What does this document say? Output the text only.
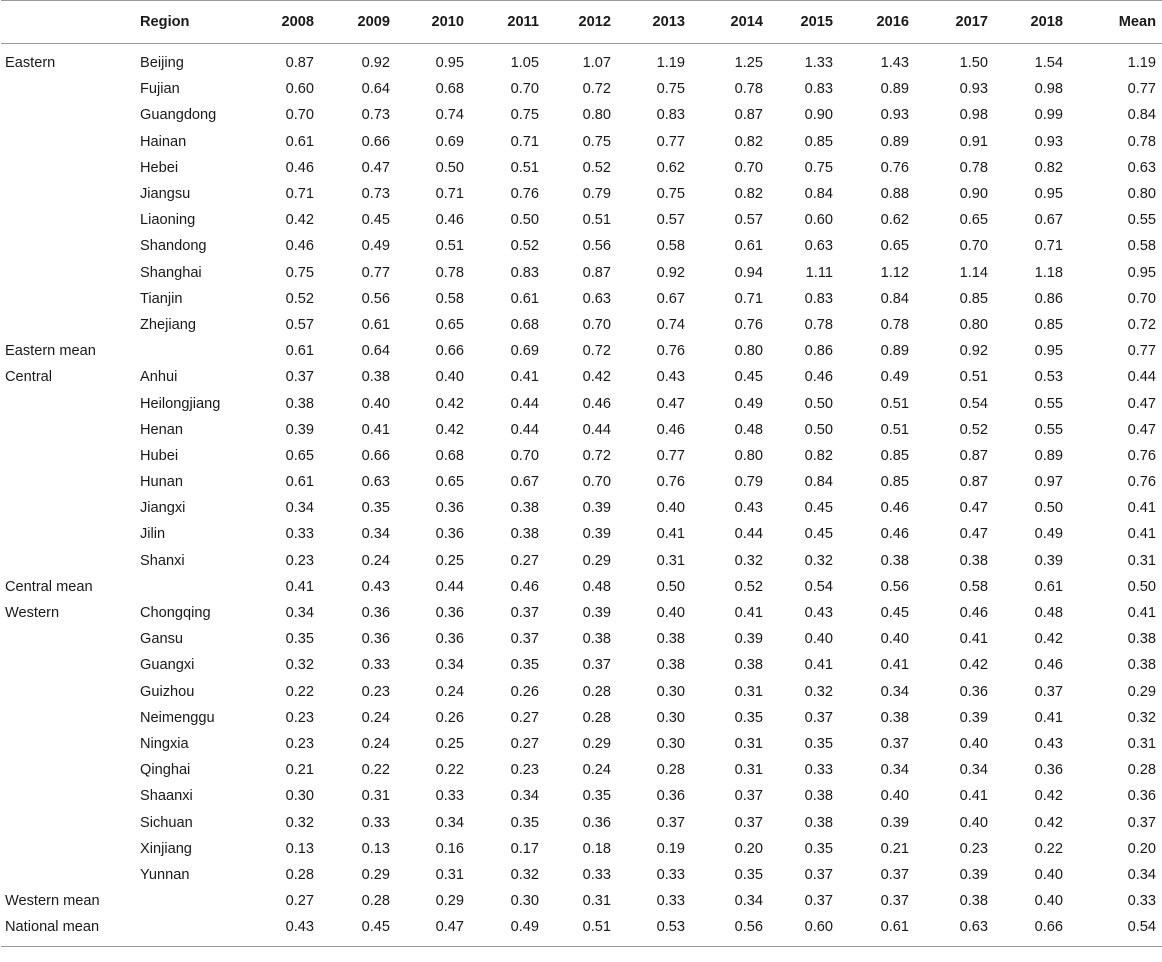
	Region	2008	2009	2010	2011	2012	2013	2014	2015	2016	2017	2018	Mean
Eastern	Beijing	0.87	0.92	0.95	1.05	1.07	1.19	1.25	1.33	1.43	1.50	1.54	1.19
	Fujian	0.60	0.64	0.68	0.70	0.72	0.75	0.78	0.83	0.89	0.93	0.98	0.77
	Guangdong	0.70	0.73	0.74	0.75	0.80	0.83	0.87	0.90	0.93	0.98	0.99	0.84
	Hainan	0.61	0.66	0.69	0.71	0.75	0.77	0.82	0.85	0.89	0.91	0.93	0.78
	Hebei	0.46	0.47	0.50	0.51	0.52	0.62	0.70	0.75	0.76	0.78	0.82	0.63
	Jiangsu	0.71	0.73	0.71	0.76	0.79	0.75	0.82	0.84	0.88	0.90	0.95	0.80
	Liaoning	0.42	0.45	0.46	0.50	0.51	0.57	0.57	0.60	0.62	0.65	0.67	0.55
	Shandong	0.46	0.49	0.51	0.52	0.56	0.58	0.61	0.63	0.65	0.70	0.71	0.58
	Shanghai	0.75	0.77	0.78	0.83	0.87	0.92	0.94	1.11	1.12	1.14	1.18	0.95
	Tianjin	0.52	0.56	0.58	0.61	0.63	0.67	0.71	0.83	0.84	0.85	0.86	0.70
	Zhejiang	0.57	0.61	0.65	0.68	0.70	0.74	0.76	0.78	0.78	0.80	0.85	0.72
Eastern mean		0.61	0.64	0.66	0.69	0.72	0.76	0.80	0.86	0.89	0.92	0.95	0.77
Central	Anhui	0.37	0.38	0.40	0.41	0.42	0.43	0.45	0.46	0.49	0.51	0.53	0.44
	Heilongjiang	0.38	0.40	0.42	0.44	0.46	0.47	0.49	0.50	0.51	0.54	0.55	0.47
	Henan	0.39	0.41	0.42	0.44	0.44	0.46	0.48	0.50	0.51	0.52	0.55	0.47
	Hubei	0.65	0.66	0.68	0.70	0.72	0.77	0.80	0.82	0.85	0.87	0.89	0.76
	Hunan	0.61	0.63	0.65	0.67	0.70	0.76	0.79	0.84	0.85	0.87	0.97	0.76
	Jiangxi	0.34	0.35	0.36	0.38	0.39	0.40	0.43	0.45	0.46	0.47	0.50	0.41
	Jilin	0.33	0.34	0.36	0.38	0.39	0.41	0.44	0.45	0.46	0.47	0.49	0.41
	Shanxi	0.23	0.24	0.25	0.27	0.29	0.31	0.32	0.32	0.38	0.38	0.39	0.31
Central mean		0.41	0.43	0.44	0.46	0.48	0.50	0.52	0.54	0.56	0.58	0.61	0.50
Western	Chongqing	0.34	0.36	0.36	0.37	0.39	0.40	0.41	0.43	0.45	0.46	0.48	0.41
	Gansu	0.35	0.36	0.36	0.37	0.38	0.38	0.39	0.40	0.40	0.41	0.42	0.38
	Guangxi	0.32	0.33	0.34	0.35	0.37	0.38	0.38	0.41	0.41	0.42	0.46	0.38
	Guizhou	0.22	0.23	0.24	0.26	0.28	0.30	0.31	0.32	0.34	0.36	0.37	0.29
	Neimenggu	0.23	0.24	0.26	0.27	0.28	0.30	0.35	0.37	0.38	0.39	0.41	0.32
	Ningxia	0.23	0.24	0.25	0.27	0.29	0.30	0.31	0.35	0.37	0.40	0.43	0.31
	Qinghai	0.21	0.22	0.22	0.23	0.24	0.28	0.31	0.33	0.34	0.34	0.36	0.28
	Shaanxi	0.30	0.31	0.33	0.34	0.35	0.36	0.37	0.38	0.40	0.41	0.42	0.36
	Sichuan	0.32	0.33	0.34	0.35	0.36	0.37	0.37	0.38	0.39	0.40	0.42	0.37
	Xinjiang	0.13	0.13	0.16	0.17	0.18	0.19	0.20	0.35	0.21	0.23	0.22	0.20
	Yunnan	0.28	0.29	0.31	0.32	0.33	0.33	0.35	0.37	0.37	0.39	0.40	0.34
Western mean		0.27	0.28	0.29	0.30	0.31	0.33	0.34	0.37	0.37	0.38	0.40	0.33
National mean		0.43	0.45	0.47	0.49	0.51	0.53	0.56	0.60	0.61	0.63	0.66	0.54
